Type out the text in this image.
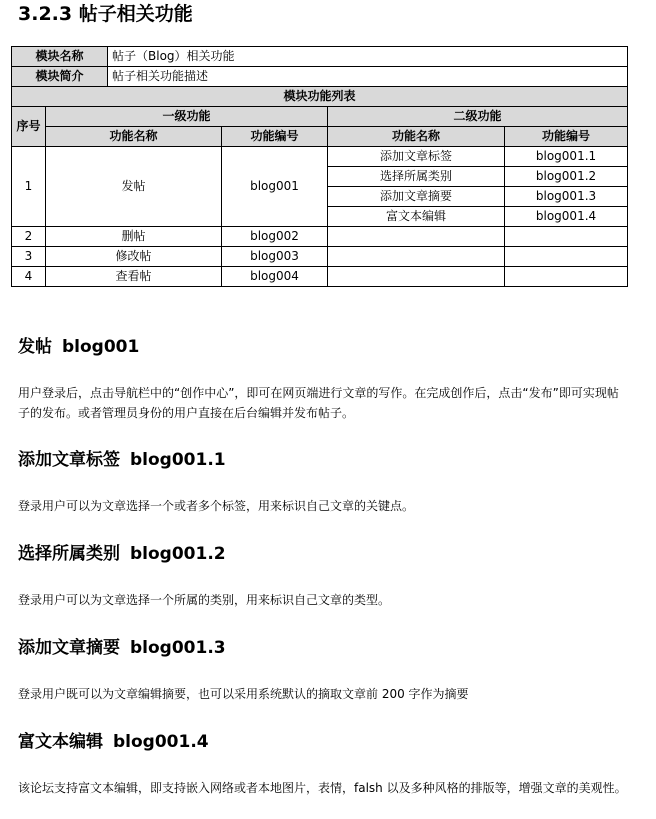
3.2.3 帖子相关功能
模块名称		帖子（Blog）相关功能			
模块简介		帖子相关功能描述			
模块功能列表					
序号	一级功能			二级功能	
	功能名称		功能编号	功能名称	功能编号
1	发帖		blog001	添加文章标签	blog001.1
				选择所属类别	blog001.2
				添加文章摘要	blog001.3
				富文本编辑	blog001.4
2	删帖		blog002		
3	修改帖		blog003		
4	查看帖		blog004		
发帖 blog001

用户登录后，点击导航栏中的“创作中心”，即可在网页端进行文章的写作。在完成创作后，点击“发布”即可实现帖子的发布。或者管理员身份的用户直接在后台编辑并发布帖子。

添加文章标签 blog001.1

登录用户可以为文章选择一个或者多个标签，用来标识自己文章的关键点。

选择所属类别 blog001.2

登录用户可以为文章选择一个所属的类别，用来标识自己文章的类型。

添加文章摘要 blog001.3

登录用户既可以为文章编辑摘要，也可以采用系统默认的摘取文章前 200 字作为摘要

富文本编辑 blog001.4

该论坛支持富文本编辑，即支持嵌入网络或者本地图片，表情，falsh 以及多种风格的排版等，增强文章的美观性。
